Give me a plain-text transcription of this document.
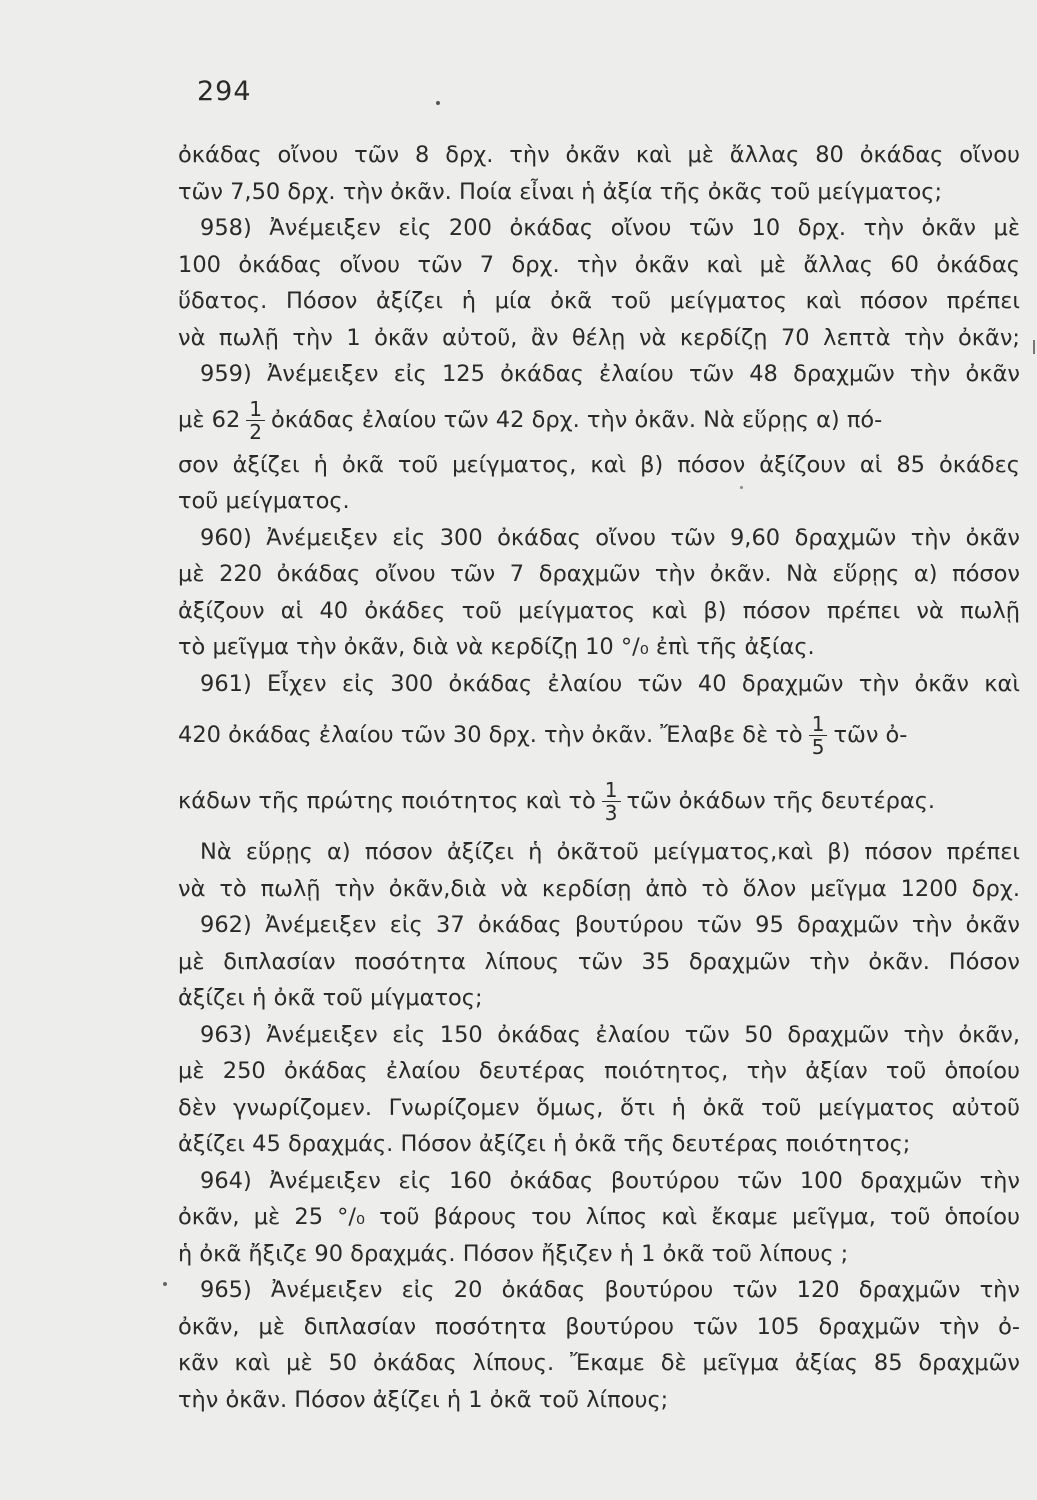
294
ὀκάδας οἴνου τῶν 8 δρχ. τὴν ὀκᾶν καὶ μὲ ἄλλας 80 ὀκάδας οἴνου
τῶν 7,50 δρχ. τὴν ὀκᾶν. Ποία εἶναι ἡ ἀξία τῆς ὀκᾶς τοῦ μείγματος;
958) Ἀνέμειξεν εἰς 200 ὀκάδας οἴνου τῶν 10 δρχ. τὴν ὀκᾶν μὲ
100 ὀκάδας οἴνου τῶν 7 δρχ. τὴν ὀκᾶν καὶ μὲ ἄλλας 60 ὀκάδας
ὕδατος. Πόσον ἀξίζει ἡ μία ὀκᾶ τοῦ μείγματος καὶ πόσον πρέπει
νὰ πωλῇ τὴν 1 ὀκᾶν αὐτοῦ, ἂν θέλῃ νὰ κερδίζῃ 70 λεπτὰ τὴν ὀκᾶν;
959) Ἀνέμειξεν εἰς 125 ὀκάδας ἐλαίου τῶν 48 δραχμῶν τὴν ὀκᾶν
μὲ $62 \frac{1}{2}$ ὀκάδας ἐλαίου τῶν 42 δρχ. τὴν ὀκᾶν. Νὰ εὕρῃς α) πό-
σον ἀξίζει ἡ ὀκᾶ τοῦ μείγματος, καὶ β) πόσον ἀξίζουν αἱ 85 ὀκάδες
τοῦ μείγματος.
960) Ἀνέμειξεν εἰς 300 ὀκάδας οἴνου τῶν 9,60 δραχμῶν τὴν ὀκᾶν
μὲ 220 ὀκάδας οἴνου τῶν 7 δραχμῶν τὴν ὀκᾶν. Νὰ εὕρῃς α) πόσον
ἀξίζουν αἱ 40 ὀκάδες τοῦ μείγματος καὶ β) πόσον πρέπει νὰ πωλῇ
τὸ μεῖγμα τὴν ὀκᾶν, διὰ νὰ κερδίζῃ 10 °/₀ ἐπὶ τῆς ἀξίας.
961) Εἶχεν εἰς 300 ὀκάδας ἐλαίου τῶν 40 δραχμῶν τὴν ὀκᾶν καὶ
420 ὀκάδας ἐλαίου τῶν 30 δρχ. τὴν ὀκᾶν. Ἔλαβε δὲ τὸ $\frac{1}{5}$ τῶν ὀ-
κάδων τῆς πρώτης ποιότητος καὶ τὸ $\frac{1}{3}$ τῶν ὀκάδων τῆς δευτέρας.
Νὰ εὕρῃς α) πόσον ἀξίζει ἡ ὀκᾶτοῦ μείγματος,καὶ β) πόσον πρέπει
νὰ τὸ πωλῇ τὴν ὀκᾶν,διὰ νὰ κερδίσῃ ἀπὸ τὸ ὅλον μεῖγμα 1200 δρχ.
962) Ἀνέμειξεν εἰς 37 ὀκάδας βουτύρου τῶν 95 δραχμῶν τὴν ὀκᾶν
μὲ διπλασίαν ποσότητα λίπους τῶν 35 δραχμῶν τὴν ὀκᾶν. Πόσον
ἀξίζει ἡ ὀκᾶ τοῦ μίγματος;
963) Ἀνέμειξεν εἰς 150 ὀκάδας ἐλαίου τῶν 50 δραχμῶν τὴν ὀκᾶν,
μὲ 250 ὀκάδας ἐλαίου δευτέρας ποιότητος, τὴν ἀξίαν τοῦ ὁποίου
δὲν γνωρίζομεν. Γνωρίζομεν ὅμως, ὅτι ἡ ὀκᾶ τοῦ μείγματος αὐτοῦ
ἀξίζει 45 δραχμάς. Πόσον ἀξίζει ἡ ὀκᾶ τῆς δευτέρας ποιότητος;
964) Ἀνέμειξεν εἰς 160 ὀκάδας βουτύρου τῶν 100 δραχμῶν τὴν
ὀκᾶν, μὲ 25 °/₀ τοῦ βάρους του λίπος καὶ ἔκαμε μεῖγμα, τοῦ ὁποίου
ἡ ὀκᾶ ἤξιζε 90 δραχμάς. Πόσον ἤξιζεν ἡ 1 ὀκᾶ τοῦ λίπους ;
965) Ἀνέμειξεν εἰς 20 ὀκάδας βουτύρου τῶν 120 δραχμῶν τὴν
ὀκᾶν, μὲ διπλασίαν ποσότητα βουτύρου τῶν 105 δραχμῶν τὴν ὀ-
κᾶν καὶ μὲ 50 ὀκάδας λίπους. Ἔκαμε δὲ μεῖγμα ἀξίας 85 δραχμῶν
τὴν ὀκᾶν. Πόσον ἀξίζει ἡ 1 ὀκᾶ τοῦ λίπους;
